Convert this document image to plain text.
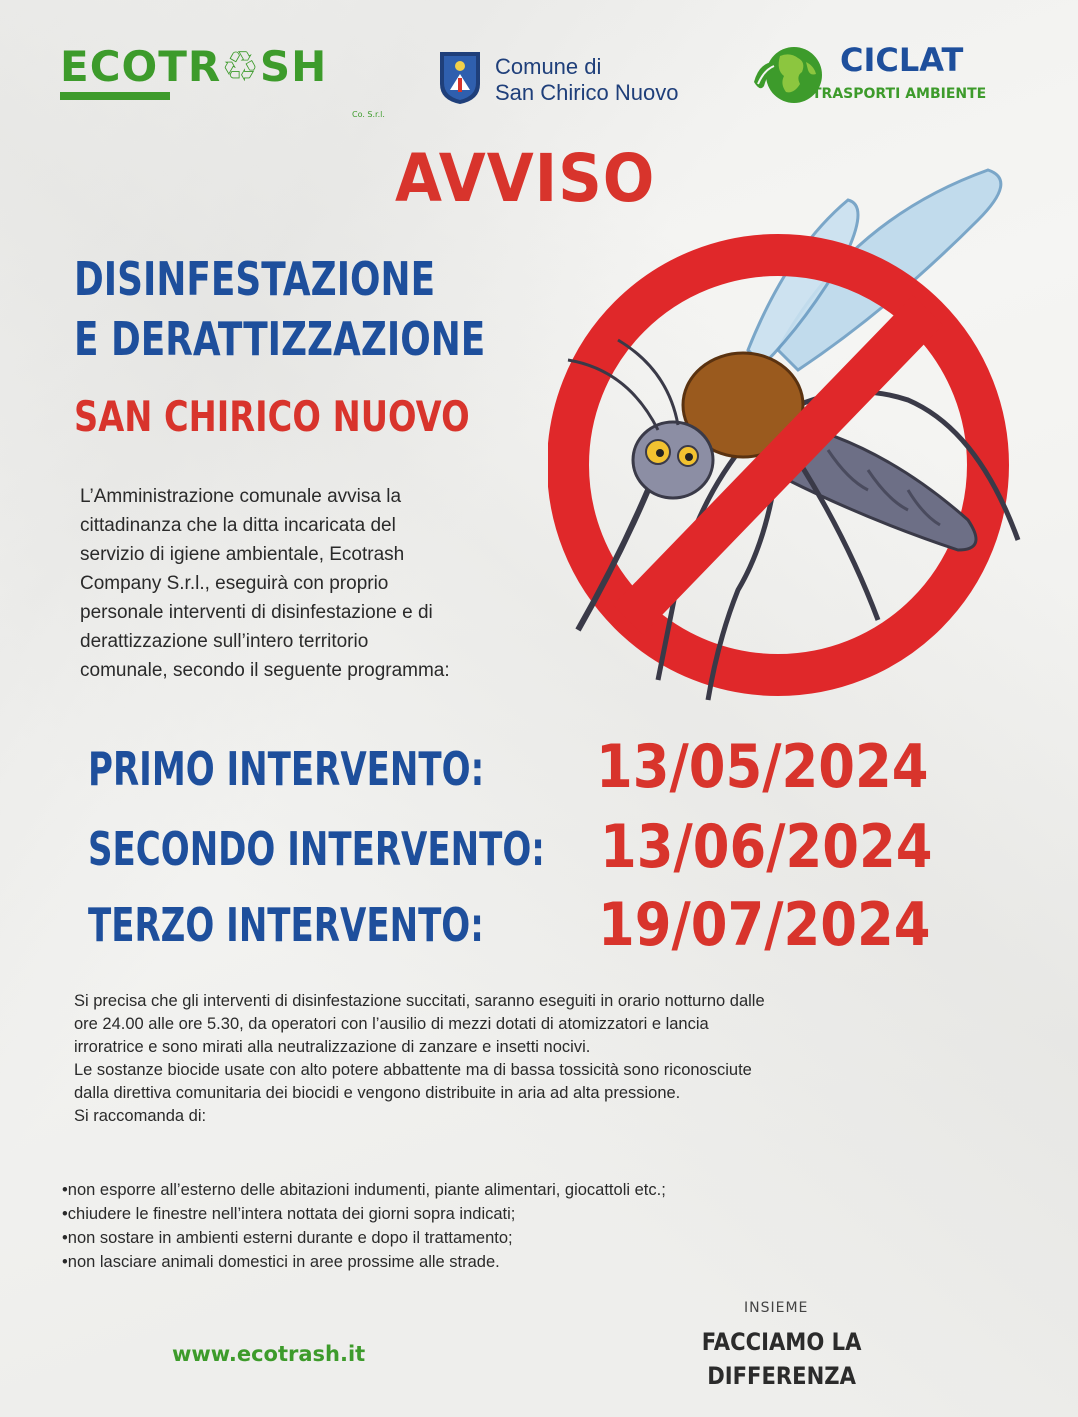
ECOTR♲SH
Co. S.r.l.
Comune di
San Chirico Nuovo
CICLAT
TRASPORTI AMBIENTE
AVVISO
DISINFESTAZIONE
E DERATTIZZAZIONE
SAN CHIRICO NUOVO
L’Amministrazione comunale avvisa la
cittadinanza che la ditta incaricata del
servizio di igiene ambientale, Ecotrash
Company S.r.l., eseguirà con proprio
personale interventi di disinfestazione e di
derattizzazione sull’intero territorio
comunale, secondo il seguente programma:
PRIMO INTERVENTO: 13/05/2024
SECONDO INTERVENTO: 13/06/2024
TERZO INTERVENTO: 19/07/2024

Si precisa che gli interventi di disinfestazione succitati, saranno eseguiti in orario notturno dalle

ore 24.00 alle ore 5.30, da operatori con l’ausilio di mezzi dotati di atomizzatori e lancia

irroratrice e sono mirati alla neutralizzazione di zanzare e insetti nocivi.

Le sostanze biocide usate con alto potere abbattente ma di bassa tossicità sono riconosciute

dalla direttiva comunitaria dei biocidi e vengono distribuite in aria ad alta pressione.

Si raccomanda di:

•non esporre all’esterno delle abitazioni indumenti, piante alimentari, giocattoli etc.;
•chiudere le finestre nell’intera nottata dei giorni sopra indicati;
•non sostare in ambienti esterni durante e dopo il trattamento;
•non lasciare animali domestici in aree prossime alle strade.
www.ecotrash.it
INSIEME
FACCIAMO LA
DIFFERENZA
